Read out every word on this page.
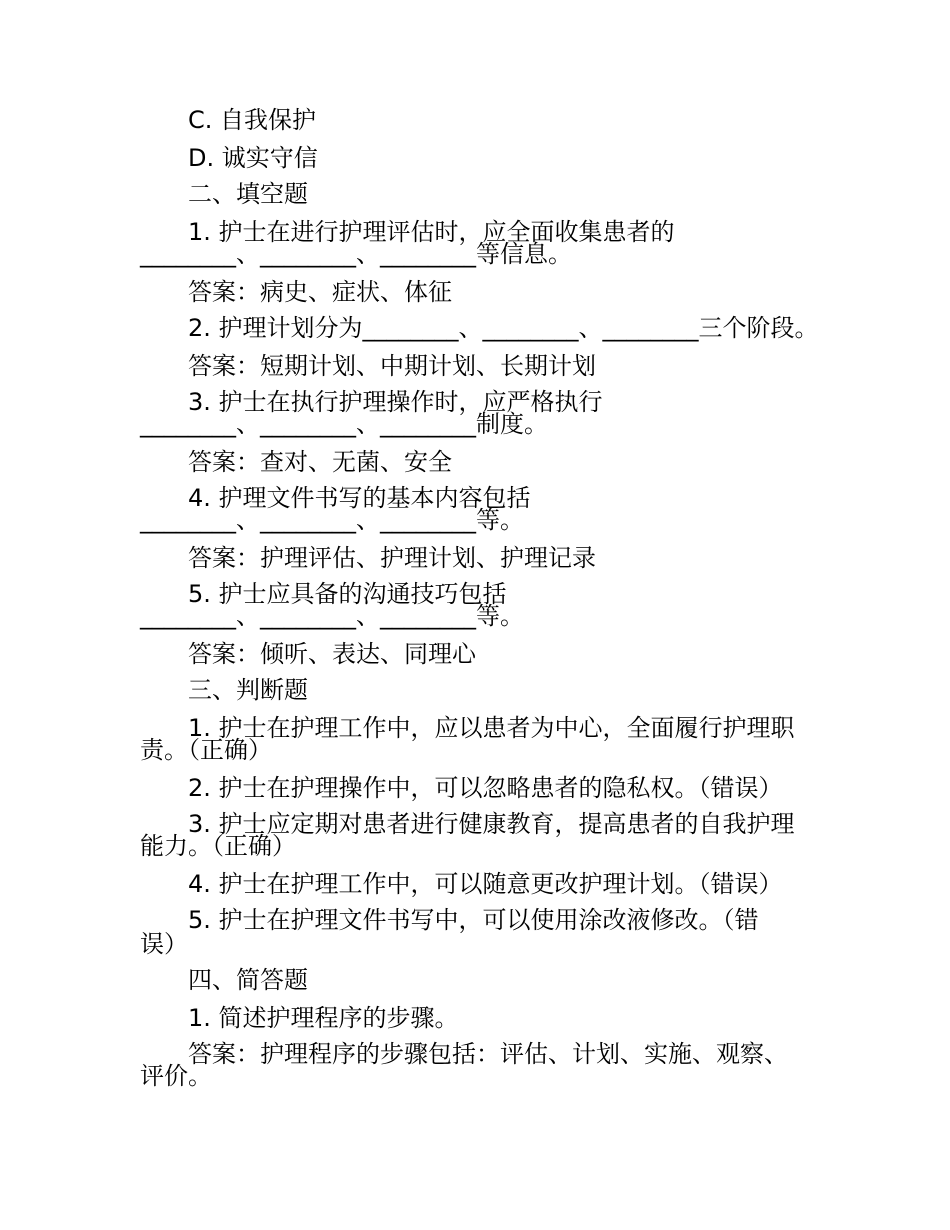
C. 自我保护
D. 诚实守信
二、填空题
1. 护士在进行护理评估时，应全面收集患者的
________、________、________等信息。
答案：病史、症状、体征
2. 护理计划分为________、________、________三个阶段。
答案：短期计划、中期计划、长期计划
3. 护士在执行护理操作时，应严格执行
________、________、________制度。
答案：查对、无菌、安全
4. 护理文件书写的基本内容包括
________、________、________等。
答案：护理评估、护理计划、护理记录
5. 护士应具备的沟通技巧包括
________、________、________等。
答案：倾听、表达、同理心
三、判断题
1. 护士在护理工作中，应以患者为中心，全面履行护理职
责。（正确）
2. 护士在护理操作中，可以忽略患者的隐私权。（错误）
3. 护士应定期对患者进行健康教育，提高患者的自我护理
能力。（正确）
4. 护士在护理工作中，可以随意更改护理计划。（错误）
5. 护士在护理文件书写中，可以使用涂改液修改。（错
误）
四、简答题
1. 简述护理程序的步骤。
答案：护理程序的步骤包括：评估、计划、实施、观察、
评价。
